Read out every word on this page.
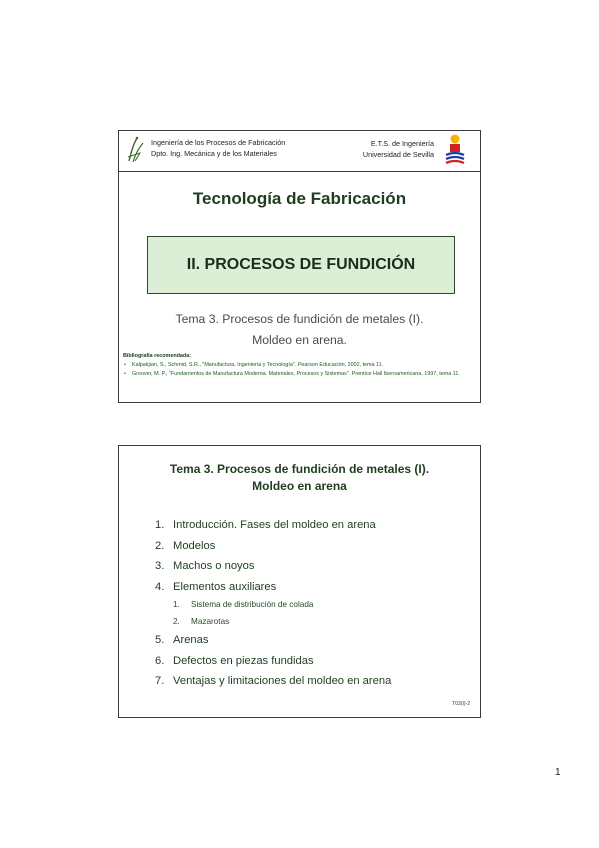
Ingeniería de los Procesos de Fabricación
Dpto. Ing. Mecánica y de los Materiales
E.T.S. de Ingeniería
Universidad de Sevilla
Tecnología de Fabricación
II. PROCESOS DE FUNDICIÓN
Tema 3. Procesos de fundición de metales (I).
Moldeo en arena.
Bibliografía recomendada:
• Kalpakjian, S., Schmid, S.R., "Manufactura, Ingeniería y Tecnología". Pearson Educación, 2002, tema 11.
• Groover, M. P., "Fundamentos de Manufactura Moderna. Materiales, Procesos y Sistemas". Prentice Hall Iberoamericana, 1997, tema 11.
Tema 3. Procesos de fundición de metales (I).
Moldeo en arena
1. Introducción. Fases del moldeo en arena
2. Modelos
3. Machos o noyos
4. Elementos auxiliares
1. Sistema de distribución de colada
2. Mazarotas
5. Arenas
6. Defectos en piezas fundidas
7. Ventajas y limitaciones del moldeo en arena
T03(I)-2
1
